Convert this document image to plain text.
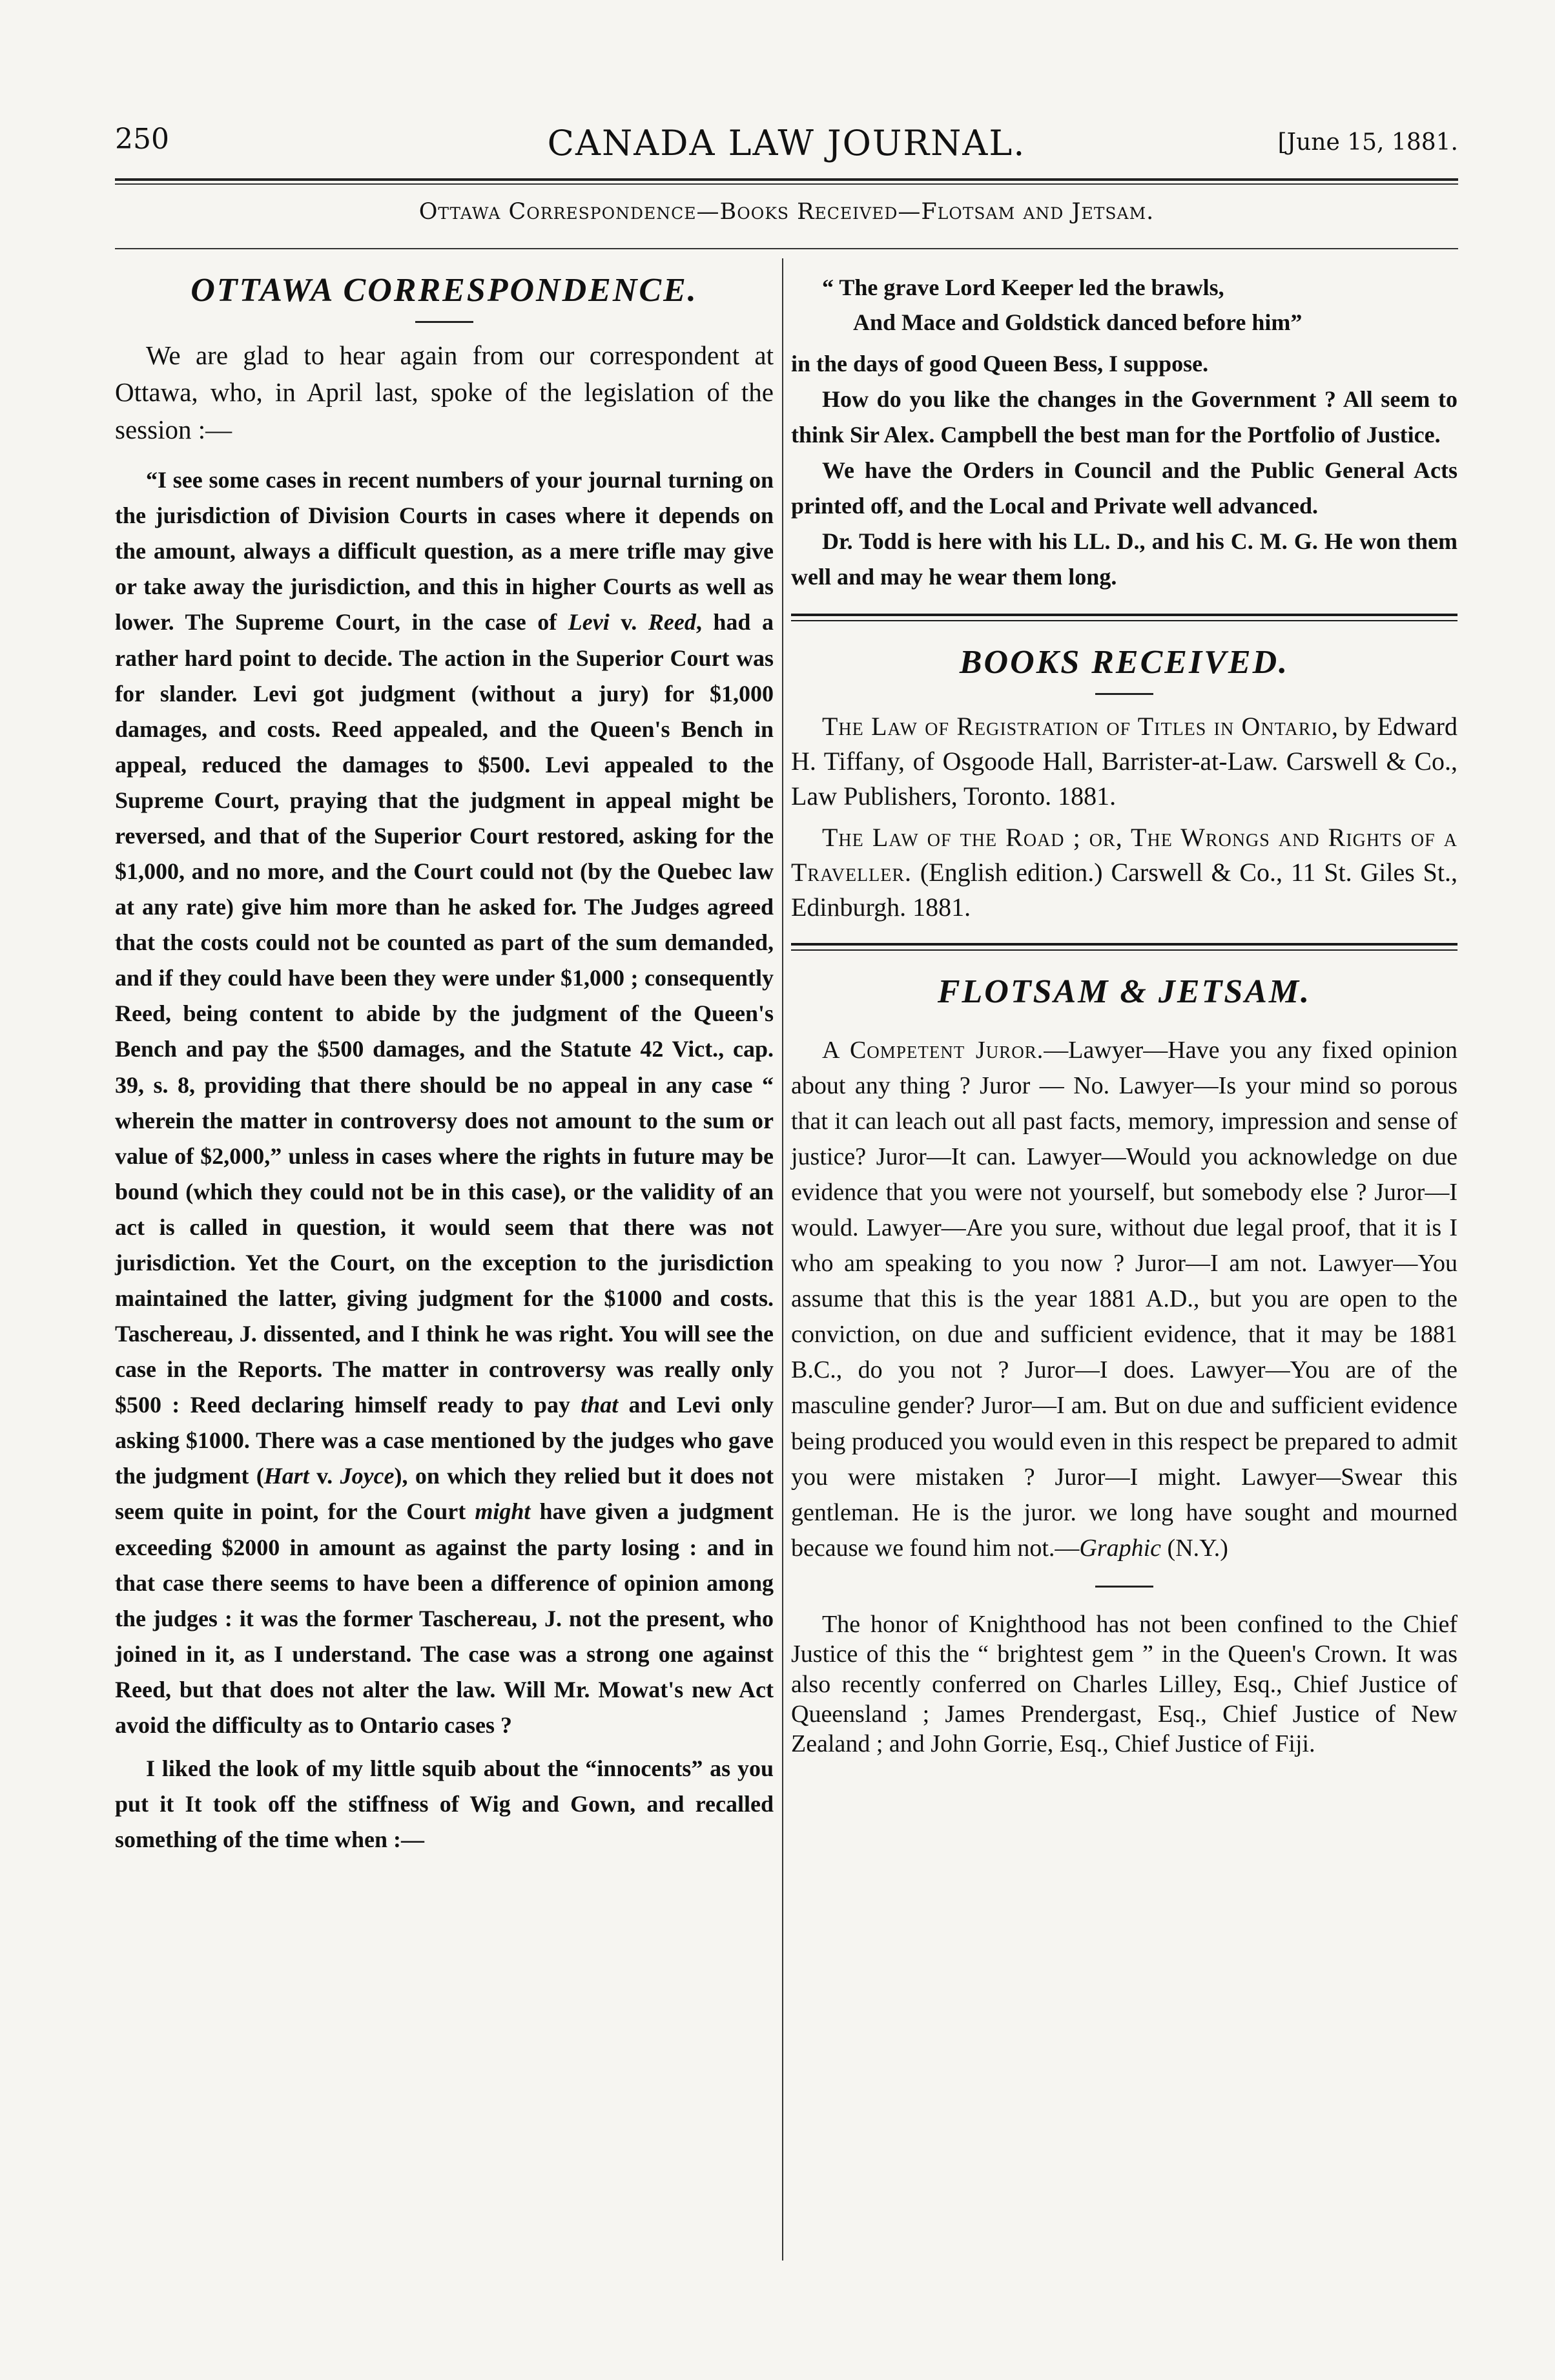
250	CANADA LAW JOURNAL.	[June 15, 1881.
Ottawa Correspondence—Books Received—Flotsam and Jetsam.
OTTAWA CORRESPONDENCE.

We are glad to hear again from our correspondent at Ottawa, who, in April last, spoke of the legislation of the session :—

“I see some cases in recent numbers of your journal turning on the jurisdiction of Division Courts in cases where it depends on the amount, always a difficult question, as a mere trifle may give or take away the jurisdiction, and this in higher Courts as well as lower. The Supreme Court, in the case of Levi v. Reed, had a rather hard point to decide. The action in the Superior Court was for slander. Levi got judgment (without a jury) for $1,000 damages, and costs. Reed appealed, and the Queen's Bench in appeal, reduced the damages to $500. Levi appealed to the Supreme Court, praying that the judgment in appeal might be reversed, and that of the Superior Court restored, asking for the $1,000, and no more, and the Court could not (by the Quebec law at any rate) give him more than he asked for. The Judges agreed that the costs could not be counted as part of the sum demanded, and if they could have been they were under $1,000 ; consequently Reed, being content to abide by the judgment of the Queen's Bench and pay the $500 damages, and the Statute 42 Vict., cap. 39, s. 8, providing that there should be no appeal in any case “ wherein the matter in controversy does not amount to the sum or value of $2,000,” unless in cases where the rights in future may be bound (which they could not be in this case), or the validity of an act is called in question, it would seem that there was not jurisdiction. Yet the Court, on the exception to the jurisdiction maintained the latter, giving judgment for the $1000 and costs. Taschereau, J. dissented, and I think he was right. You will see the case in the Reports. The matter in controversy was really only $500 : Reed declaring himself ready to pay that and Levi only asking $1000. There was a case mentioned by the judges who gave the judgment (Hart v. Joyce), on which they relied but it does not seem quite in point, for the Court might have given a judgment exceeding $2000 in amount as against the party losing : and in that case there seems to have been a difference of opinion among the judges : it was the former Taschereau, J. not the present, who joined in it, as I understand. The case was a strong one against Reed, but that does not alter the law. Will Mr. Mowat's new Act avoid the difficulty as to Ontario cases ?

I liked the look of my little squib about the “innocents” as you put it It took off the stiffness of Wig and Gown, and recalled something of the time when :—

“ The grave Lord Keeper led the brawls,
And Mace and Goldstick danced before him”

in the days of good Queen Bess, I suppose.

How do you like the changes in the Government ? All seem to think Sir Alex. Campbell the best man for the Portfolio of Justice.

We have the Orders in Council and the Public General Acts printed off, and the Local and Private well advanced.

Dr. Todd is here with his LL. D., and his C. M. G. He won them well and may he wear them long.

BOOKS RECEIVED.

The Law of Registration of Titles in Ontario, by Edward H. Tiffany, of Osgoode Hall, Barrister-at-Law. Carswell & Co., Law Publishers, Toronto. 1881.

The Law of the Road ; or, The Wrongs and Rights of a Traveller. (English edition.) Carswell & Co., 11 St. Giles St., Edinburgh. 1881.

FLOTSAM & JETSAM.

A Competent Juror.—Lawyer—Have you any fixed opinion about any thing ? Juror — No. Lawyer—Is your mind so porous that it can leach out all past facts, memory, impression and sense of justice? Juror—It can. Lawyer—Would you acknowledge on due evidence that you were not yourself, but somebody else ? Juror—I would. Lawyer—Are you sure, without due legal proof, that it is I who am speaking to you now ? Juror—I am not. Lawyer—You assume that this is the year 1881 A.D., but you are open to the conviction, on due and sufficient evidence, that it may be 1881 B.C., do you not ? Juror—I does. Lawyer—You are of the masculine gender? Juror—I am. But on due and sufficient evidence being produced you would even in this respect be prepared to admit you were mistaken ? Juror—I might. Lawyer—Swear this gentleman. He is the juror. we long have sought and mourned because we found him not.—Graphic (N.Y.)

The honor of Knighthood has not been confined to the Chief Justice of this the “ brightest gem ” in the Queen's Crown. It was also recently conferred on Charles Lilley, Esq., Chief Justice of Queensland ; James Prendergast, Esq., Chief Justice of New Zealand ; and John Gorrie, Esq., Chief Justice of Fiji.
